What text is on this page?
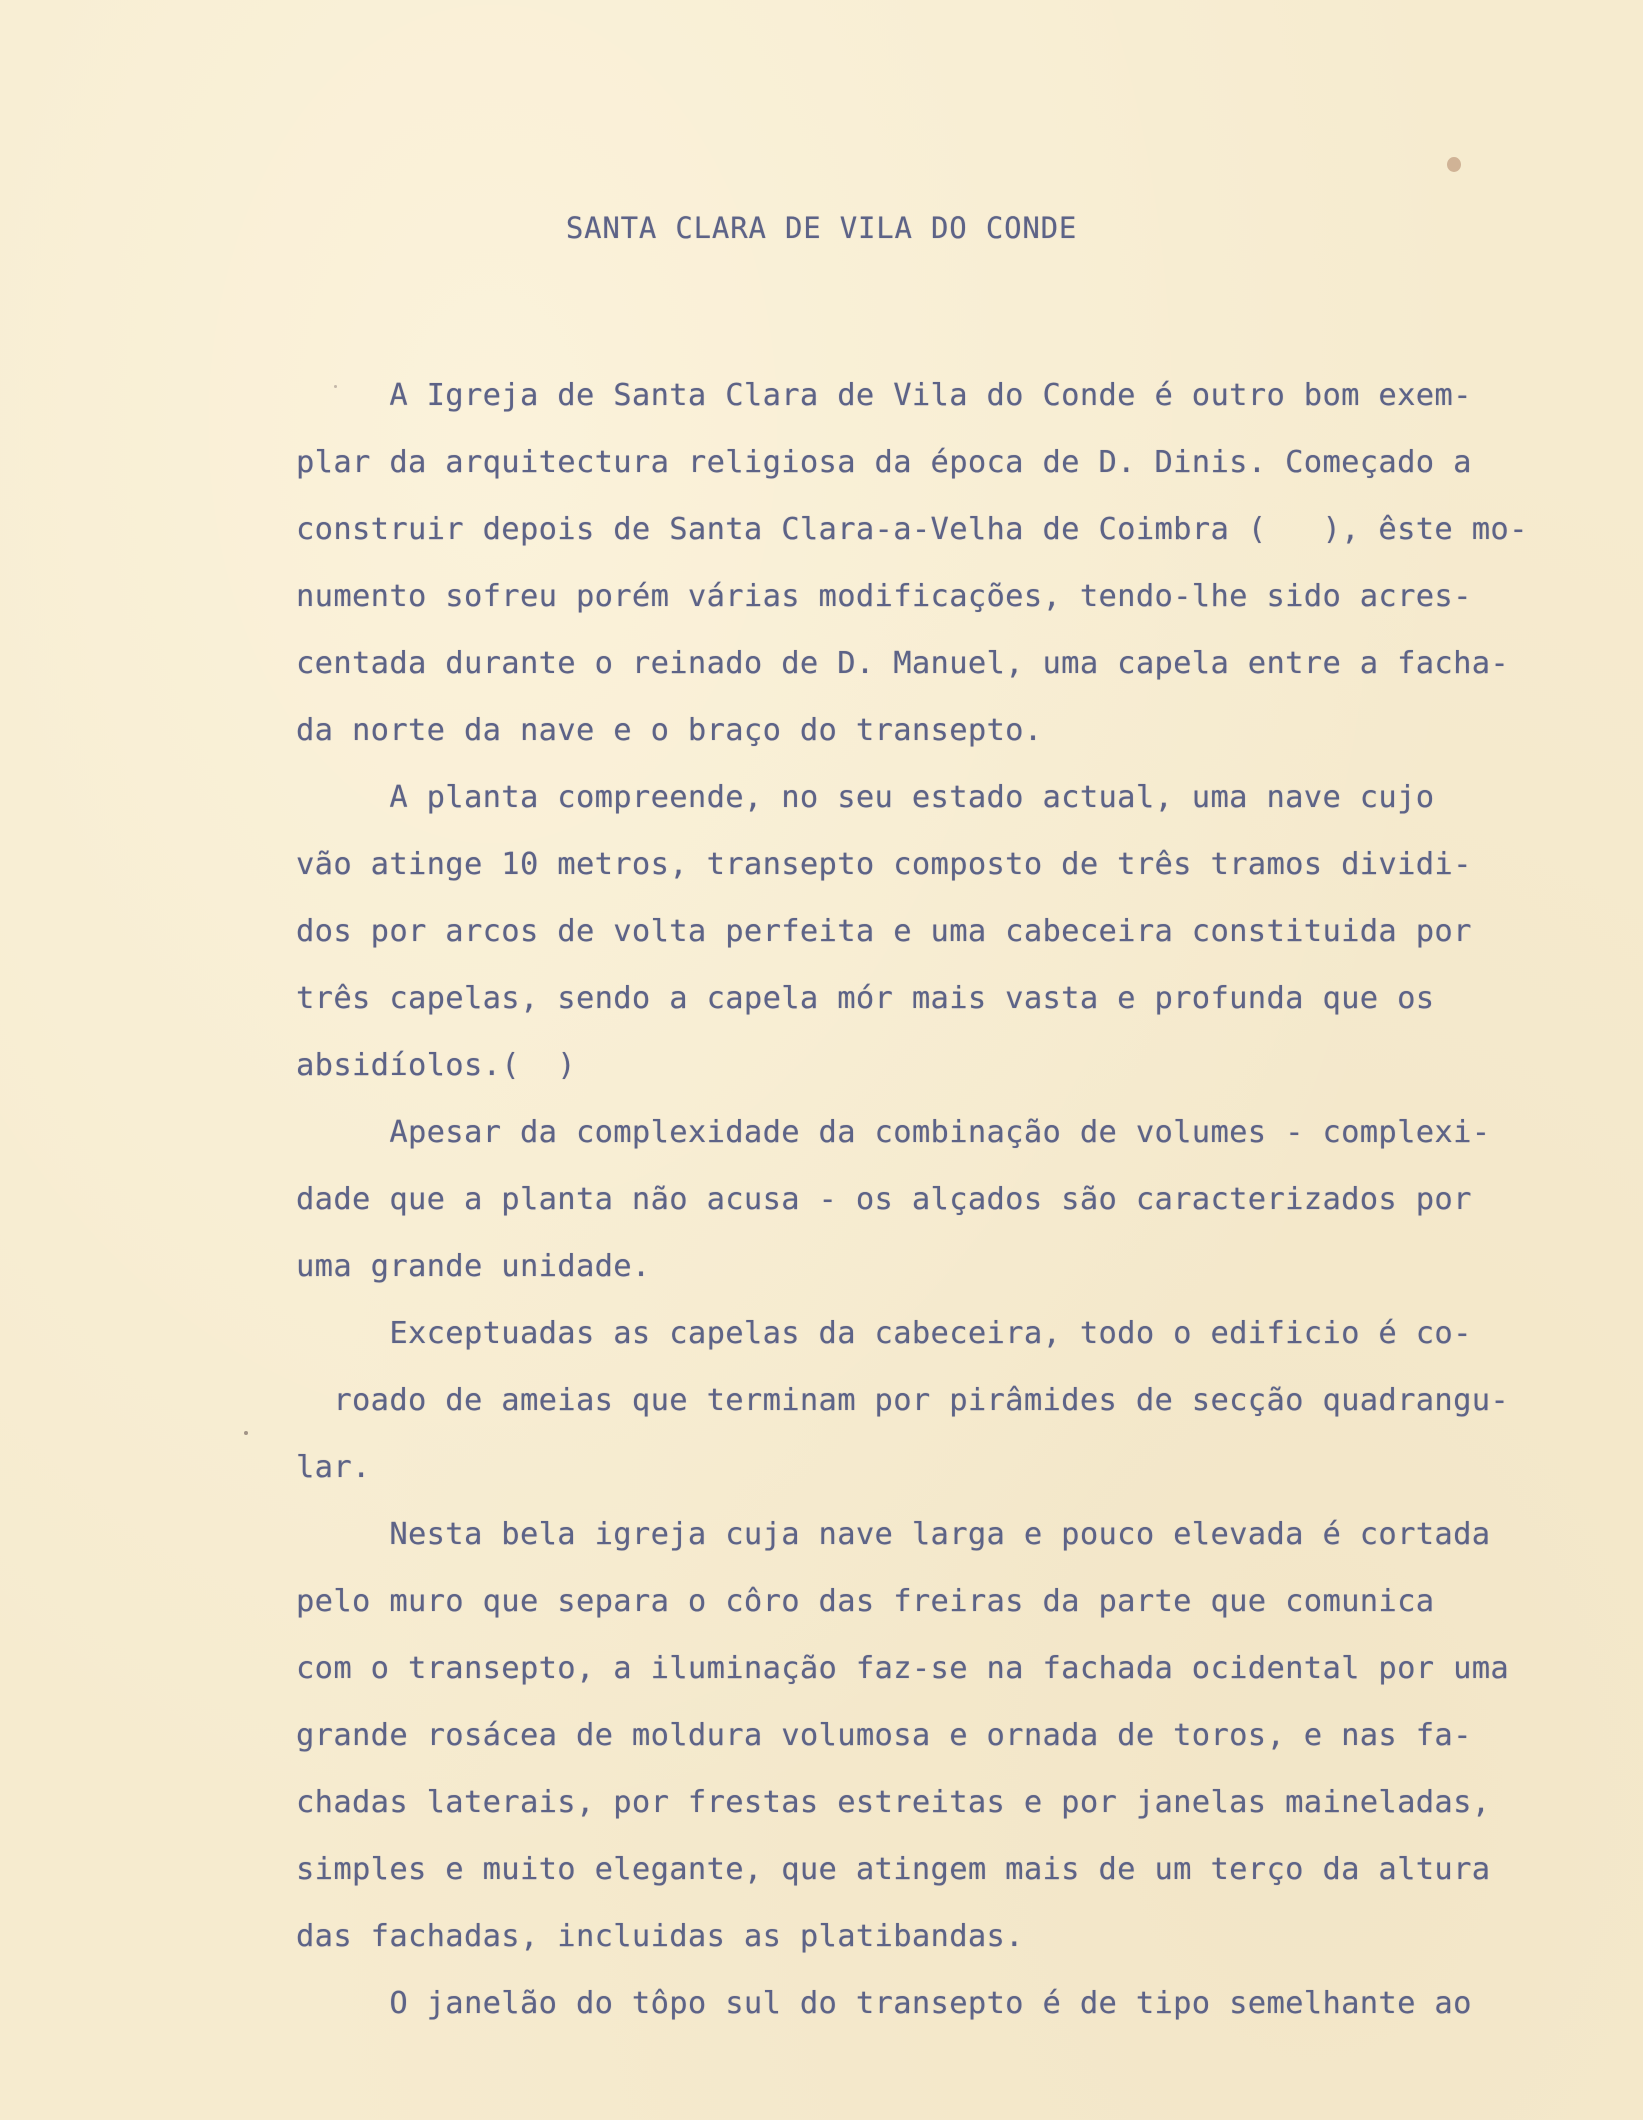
SANTA CLARA DE VILA DO CONDE
A Igreja de Santa Clara de Vila do Conde é outro bom exem-
plar da arquitectura religiosa da época de D. Dinis. Começado a
construir depois de Santa Clara-a-Velha de Coimbra (   ), êste mo-
numento sofreu porém várias modificações, tendo-lhe sido acres-
centada durante o reinado de D. Manuel, uma capela entre a facha-
da norte da nave e o braço do transepto.
A planta compreende, no seu estado actual, uma nave cujo
vão atinge 10 metros, transepto composto de três tramos dividi-
dos por arcos de volta perfeita e uma cabeceira constituida por
três capelas, sendo a capela mór mais vasta e profunda que os
absidíolos.(  )
Apesar da complexidade da combinação de volumes - complexi-
dade que a planta não acusa - os alçados são caracterizados por
uma grande unidade.
Exceptuadas as capelas da cabeceira, todo o edificio é co-
roado de ameias que terminam por pirâmides de secção quadrangu-
lar.
Nesta bela igreja cuja nave larga e pouco elevada é cortada
pelo muro que separa o côro das freiras da parte que comunica
com o transepto, a iluminação faz-se na fachada ocidental por uma
grande rosácea de moldura volumosa e ornada de toros, e nas fa-
chadas laterais, por frestas estreitas e por janelas maineladas,
simples e muito elegante, que atingem mais de um terço da altura
das fachadas, incluidas as platibandas.
O janelão do tôpo sul do transepto é de tipo semelhante ao
